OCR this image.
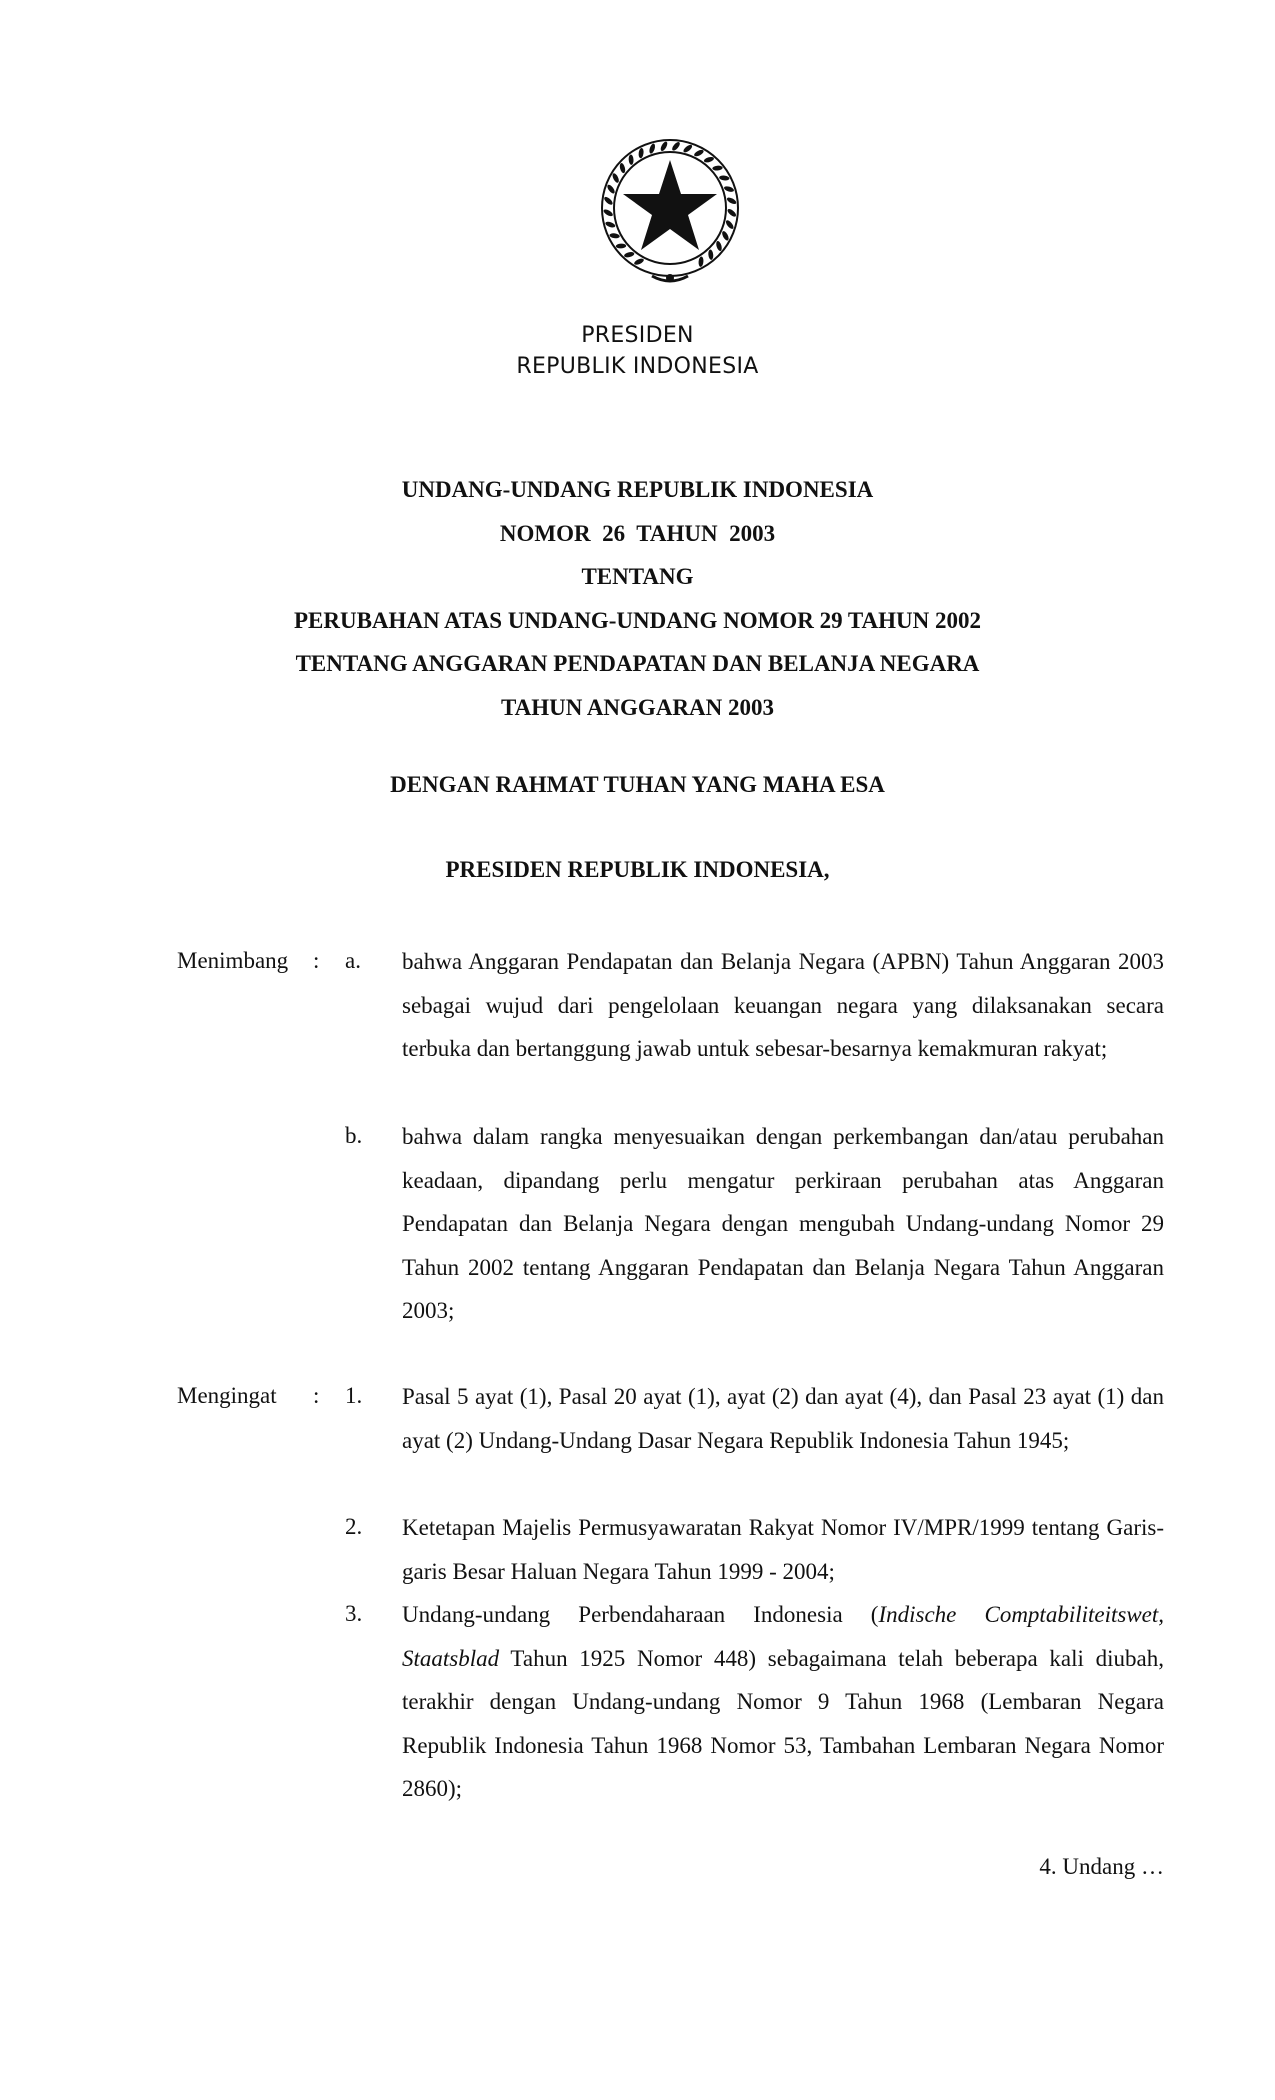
PRESIDEN
REPUBLIK INDONESIA
UNDANG-UNDANG REPUBLIK INDONESIA
NOMOR  26  TAHUN  2003
TENTANG
PERUBAHAN ATAS UNDANG-UNDANG NOMOR 29 TAHUN 2002
TENTANG ANGGARAN PENDAPATAN DAN BELANJA NEGARA
TAHUN ANGGARAN 2003
DENGAN RAHMAT TUHAN YANG MAHA ESA
PRESIDEN REPUBLIK INDONESIA,
Menimbang : a. bahwa Anggaran Pendapatan dan Belanja Negara (APBN) Tahun Anggaran 2003 sebagai wujud dari pengelolaan keuangan negara yang dilaksanakan secara terbuka dan bertanggung jawab untuk sebesar-besarnya kemakmuran rakyat;
b. bahwa dalam rangka menyesuaikan dengan perkembangan dan/atau perubahan keadaan, dipandang perlu mengatur perkiraan perubahan atas Anggaran Pendapatan dan Belanja Negara dengan mengubah Undang-undang Nomor 29 Tahun 2002 tentang Anggaran Pendapatan dan Belanja Negara Tahun Anggaran 2003;
Mengingat : 1. Pasal 5 ayat (1), Pasal 20 ayat (1), ayat (2) dan ayat (4), dan Pasal 23 ayat (1) dan ayat (2) Undang-Undang Dasar Negara Republik Indonesia Tahun 1945;
2. Ketetapan Majelis Permusyawaratan Rakyat Nomor IV/MPR/1999 tentang Garis-garis Besar Haluan Negara Tahun 1999 - 2004;
3. Undang-undang Perbendaharaan Indonesia (Indische Comptabiliteitswet, Staatsblad Tahun 1925 Nomor 448) sebagaimana telah beberapa kali diubah, terakhir dengan Undang-undang Nomor 9 Tahun 1968 (Lembaran Negara Republik Indonesia Tahun 1968 Nomor 53, Tambahan Lembaran Negara Nomor 2860);
4. Undang …
